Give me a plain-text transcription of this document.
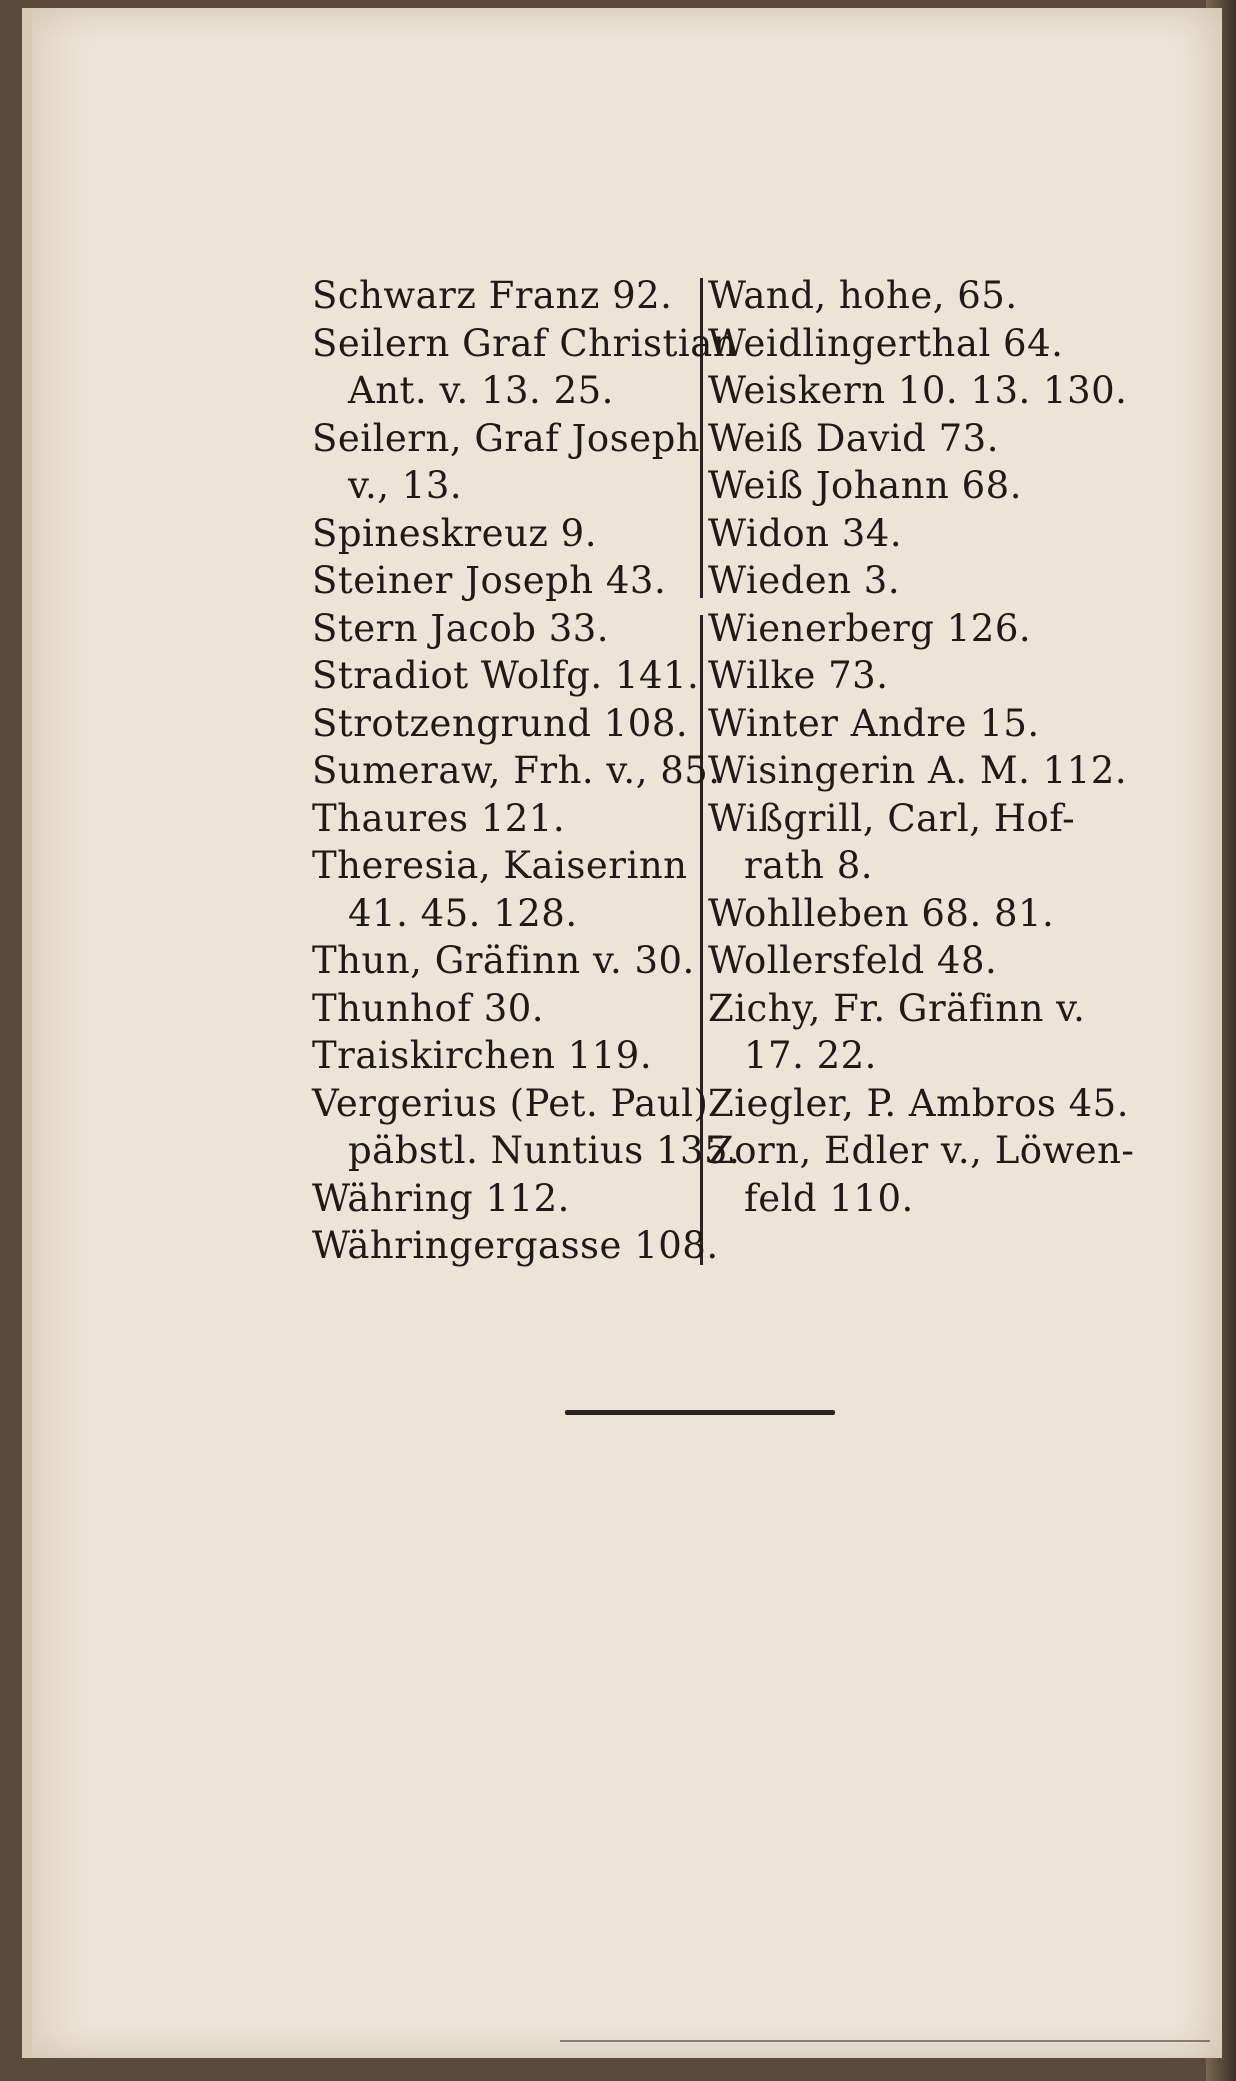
Schwarz Franz 92.
Seilern Graf Christian
Ant. v. 13. 25.
Seilern, Graf Joseph
v., 13.
Spineskreuz 9.
Steiner Joseph 43.
Stern Jacob 33.
Stradiot Wolfg. 141.
Strotzengrund 108.
Sumeraw, Frh. v., 85.
Thaures 121.
Theresia, Kaiserinn
41. 45. 128.
Thun, Gräfinn v. 30.
Thunhof 30.
Traiskirchen 119.
Vergerius (Pet. Paul)
päbstl. Nuntius 135.
Währing 112.
Währingergasse 108.
Wand, hohe, 65.
Weidlingerthal 64.
Weiskern 10. 13. 130.
Weiß David 73.
Weiß Johann 68.
Widon 34.
Wieden 3.
Wienerberg 126.
Wilke 73.
Winter Andre 15.
Wisingerin A. M. 112.
Wißgrill, Carl, Hof-
rath 8.
Wohlleben 68. 81.
Wollersfeld 48.
Zichy, Fr. Gräfinn v.
17. 22.
Ziegler, P. Ambros 45.
Zorn, Edler v., Löwen-
feld 110.
